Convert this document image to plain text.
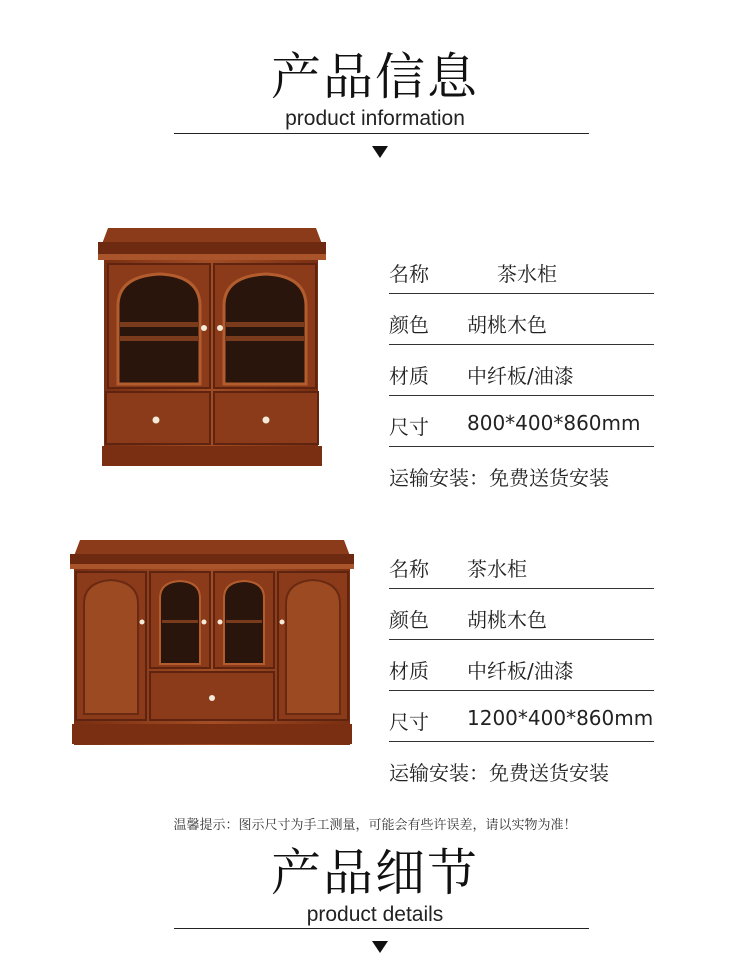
产品信息
product information
名称	茶水柜
颜色 胡桃木色
材质 中纤板/油漆
尺寸 800*400*860mm
运输安装：免费送货安装
名称 茶水柜
颜色 胡桃木色
材质 中纤板/油漆
尺寸 1200*400*860mm
运输安装：免费送货安装
温馨提示：图示尺寸为手工测量，可能会有些许误差，请以实物为准！
产品细节
product details
